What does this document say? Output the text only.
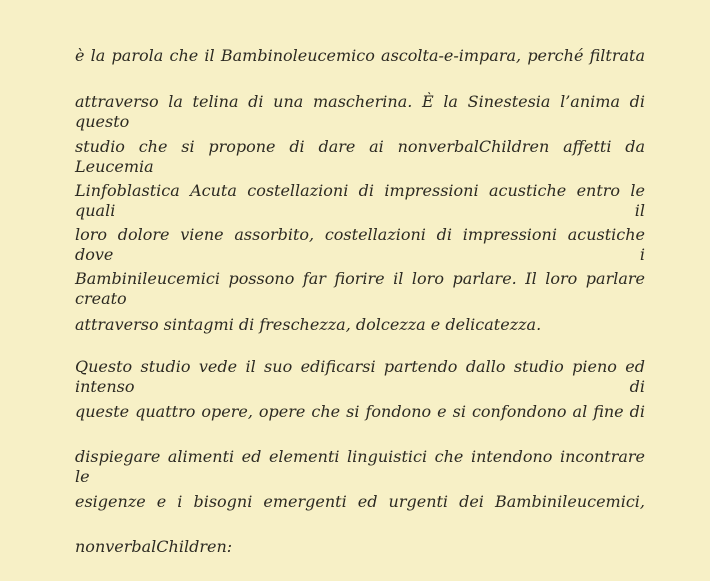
è la parola che il Bambinoleucemico ascolta-e-impara, perché filtrata
attraverso la telina di una mascherina. È la Sinestesia l’anima di questo
studio che si propone di dare ai nonverbalChildren affetti da Leucemia
Linfoblastica Acuta costellazioni di impressioni acustiche entro le quali il
loro dolore viene assorbito, costellazioni di impressioni acustiche dove i
Bambinileucemici possono far fiorire il loro parlare. Il loro parlare creato
attraverso sintagmi di freschezza, dolcezza e delicatezza.
Questo studio vede il suo edificarsi partendo dallo studio pieno ed intenso di
queste quattro opere, opere che si fondono e si confondono al fine di
dispiegare alimenti ed elementi linguistici che intendono incontrare le
esigenze e i bisogni emergenti ed urgenti dei Bambinileucemici,
nonverbalChildren:
